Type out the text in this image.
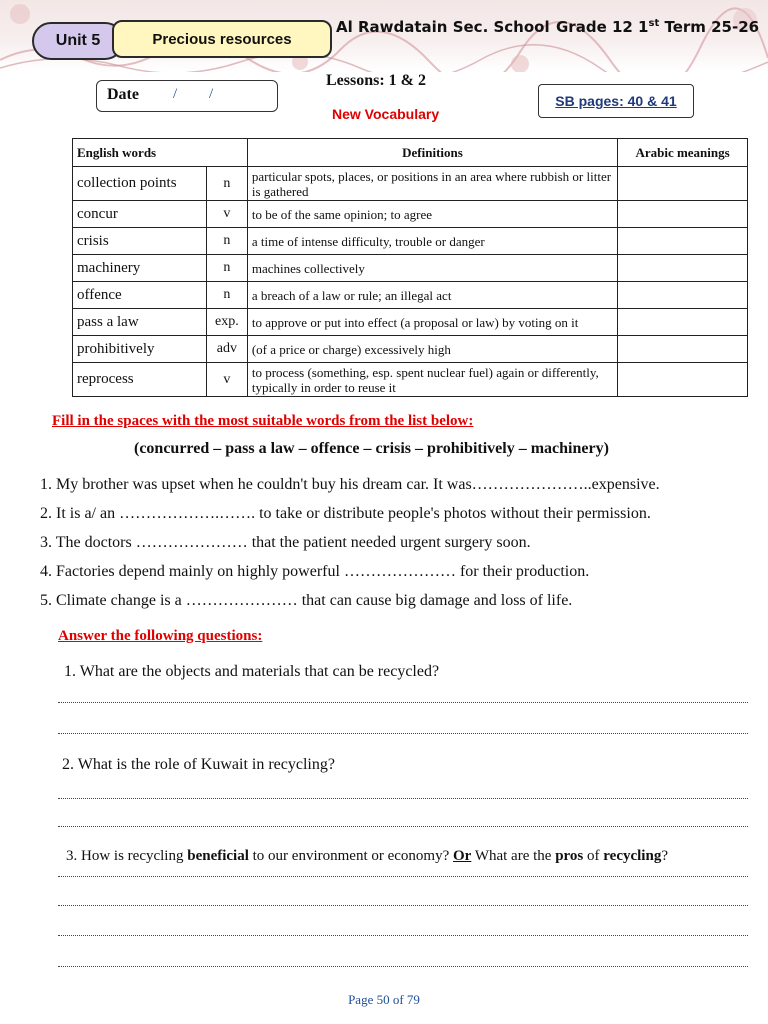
Unit 5	Precious resources
Al Rawdatain Sec. School Grade 12 1st Term 25-26
Lessons: 1 & 2
New Vocabulary
Date / /	SB pages: 40 & 41
English words		Definitions	Arabic meanings
collection points	n	particular spots, places, or positions in an area where rubbish or litter is gathered	
concur	v	to be of the same opinion; to agree	
crisis	n	a time of intense difficulty, trouble or danger	
machinery	n	machines collectively	
offence	n	a breach of a law or rule; an illegal act	
pass a law	exp.	to approve or put into effect (a proposal or law) by voting on it	
prohibitively	adv	(of a price or charge) excessively high	
reprocess	v	to process (something, esp. spent nuclear fuel) again or differently, typically in order to reuse it	
Fill in the spaces with the most suitable words from the list below:
(concurred – pass a law – offence – crisis – prohibitively – machinery)
1. My brother was upset when he couldn't buy his dream car. It was…………………..expensive.
2. It is a/ an ……………….……. to take or distribute people's photos without their permission.
3. The doctors ………………… that the patient needed urgent surgery soon.
4. Factories depend mainly on highly powerful ………………… for their production.
5. Climate change is a ………………… that can cause big damage and loss of life.
Answer the following questions:
1. What are the objects and materials that can be recycled?
2. What is the role of Kuwait in recycling?
3. How is recycling beneficial to our environment or economy? Or What are the pros of recycling?
Page 50 of 79
